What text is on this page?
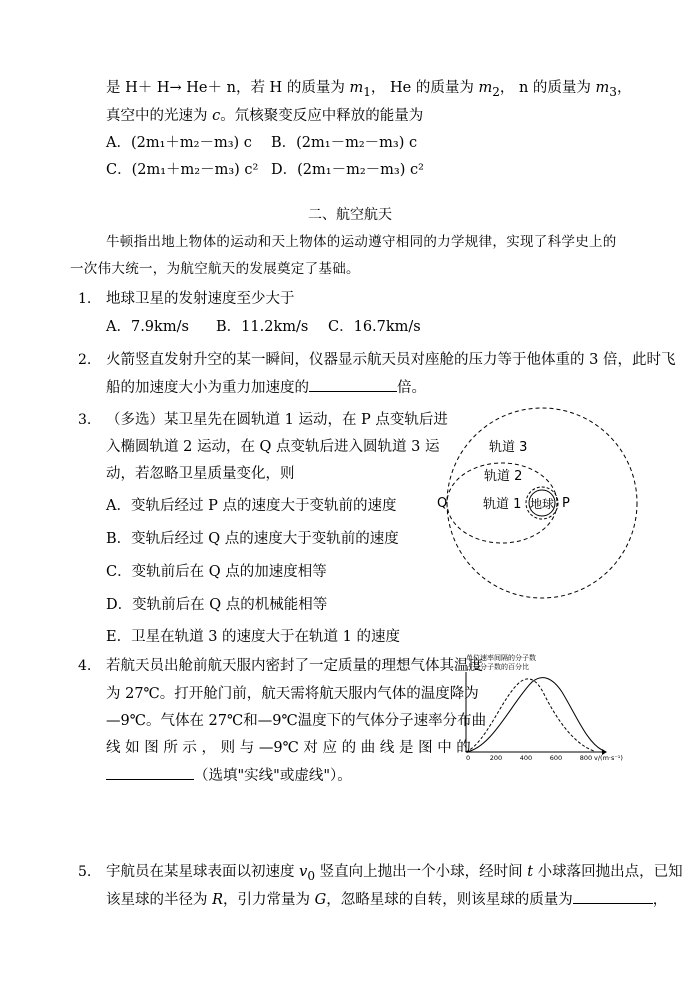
是 H＋ H→ He＋ n，若 H 的质量为 $m_1$， He 的质量为 $m_2$， n 的质量为 $m_3$，
真空中的光速为 c。氘核聚变反应中释放的能量为
A．(2m₁＋m₂－m₃) c B．(2m₁－m₂－m₃) c
C．(2m₁＋m₂－m₃) c² D．(2m₁－m₂－m₃) c²
二、航空航天
牛顿指出地上物体的运动和天上物体的运动遵守相同的力学规律，实现了科学史上的
一次伟大统一，为航空航天的发展奠定了基础。
1. 地球卫星的发射速度至少大于
A．7.9km/s B．11.2km/s C．16.7km/s
2. 火箭竖直发射升空的某一瞬间，仪器显示航天员对座舱的压力等于他体重的 3 倍，此时飞
船的加速度大小为重力加速度的	倍。
3. （多选）某卫星先在圆轨道 1 运动，在 P 点变轨后进
入椭圆轨道 2 运动，在 Q 点变轨后进入圆轨道 3 运
动，若忽略卫星质量变化，则
A．变轨后经过 P 点的速度大于变轨前的速度
B．变轨后经过 Q 点的速度大于变轨前的速度
C．变轨前后在 Q 点的加速度相等
D．变轨前后在 Q 点的机械能相等
E．卫星在轨道 3 的速度大于在轨道 1 的速度
地球
轨道 3
轨道 2
轨道 1	P
Q
4. 若航天员出舱前航天服内密封了一定质量的理想气体其温度
为 27℃。打开舱门前，航天需将航天服内气体的温度降为
—9℃。气体在 27℃和—9℃温度下的气体分子速率分布曲
线 如 图 所 示 ， 则 与 —9℃ 对 应 的 曲 线 是 图 中 的
（选填"实线"或虚线"）。
单位速率间隔的分子数
占总分子数的百分比
0	200	400	600	800 v/(m·s⁻¹)
5. 宇航员在某星球表面以初速度 $v_0$ 竖直向上抛出一个小球，经时间 t 小球落回抛出点，已知
该星球的半径为 R，引力常量为 G，忽略星球的自转，则该星球的质量为	，
